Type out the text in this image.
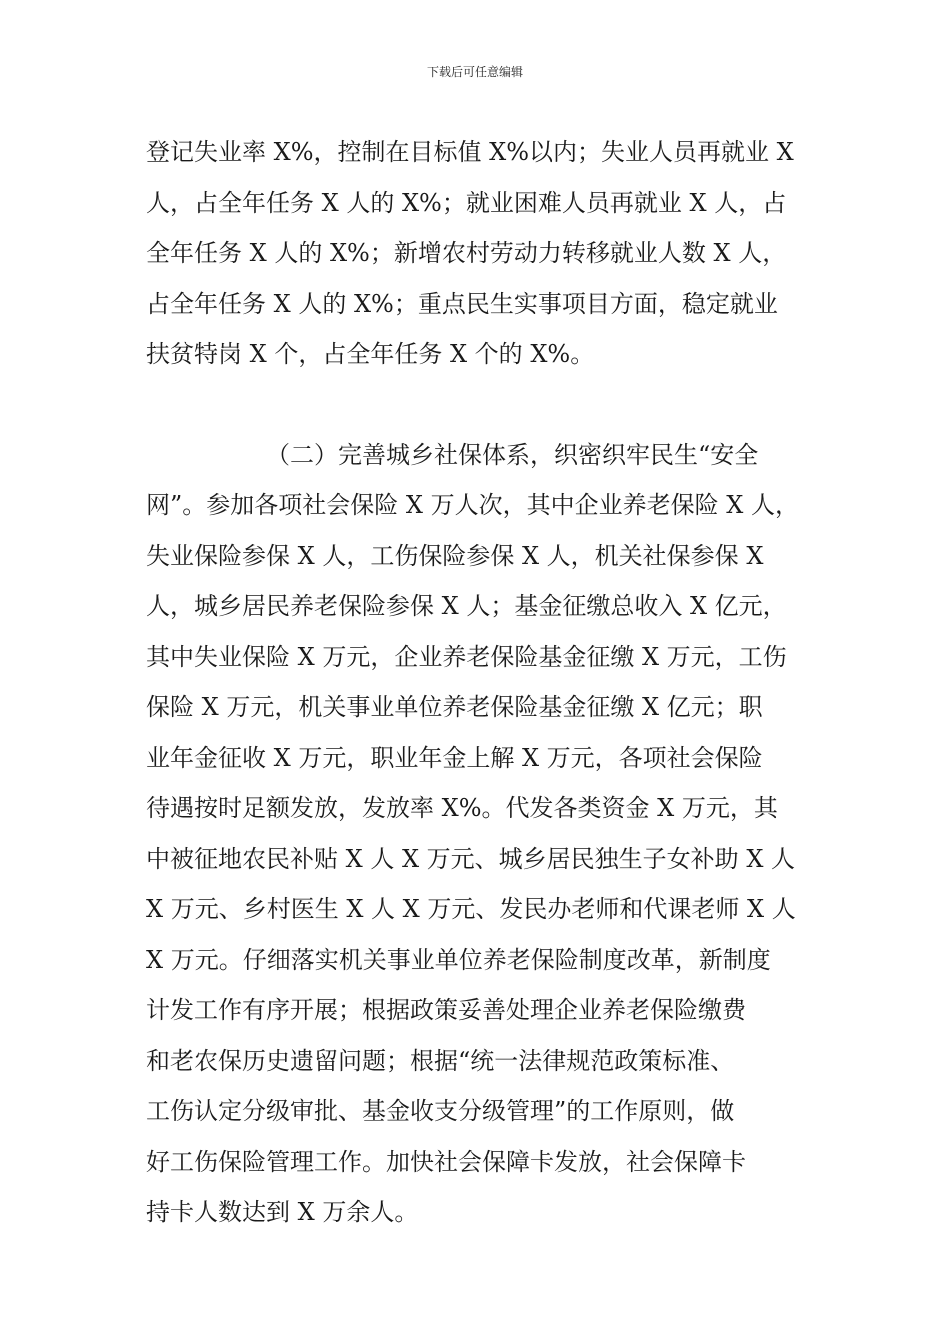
下载后可任意编辑
登记失业率 X%，控制在目标值 X%以内；失业人员再就业 X
人，占全年任务 X 人的 X%；就业困难人员再就业 X 人，占
全年任务 X 人的 X%；新增农村劳动力转移就业人数 X 人，
占全年任务 X 人的 X%；重点民生实事项目方面，稳定就业
扶贫特岗 X 个，占全年任务 X 个的 X%。
（二）完善城乡社保体系，织密织牢民生“安全
网”。参加各项社会保险 X 万人次，其中企业养老保险 X 人，
失业保险参保 X 人，工伤保险参保 X 人，机关社保参保 X
人，城乡居民养老保险参保 X 人；基金征缴总收入 X 亿元，
其中失业保险 X 万元，企业养老保险基金征缴 X 万元，工伤
保险 X 万元，机关事业单位养老保险基金征缴 X 亿元；职
业年金征收 X 万元，职业年金上解 X 万元，各项社会保险
待遇按时足额发放，发放率 X%。代发各类资金 X 万元，其
中被征地农民补贴 X 人 X 万元、城乡居民独生子女补助 X 人
X 万元、乡村医生 X 人 X 万元、发民办老师和代课老师 X 人
X 万元。仔细落实机关事业单位养老保险制度改革，新制度
计发工作有序开展；根据政策妥善处理企业养老保险缴费
和老农保历史遗留问题；根据“统一法律规范政策标准、
工伤认定分级审批、基金收支分级管理”的工作原则，做
好工伤保险管理工作。加快社会保障卡发放，社会保障卡
持卡人数达到 X 万余人。
